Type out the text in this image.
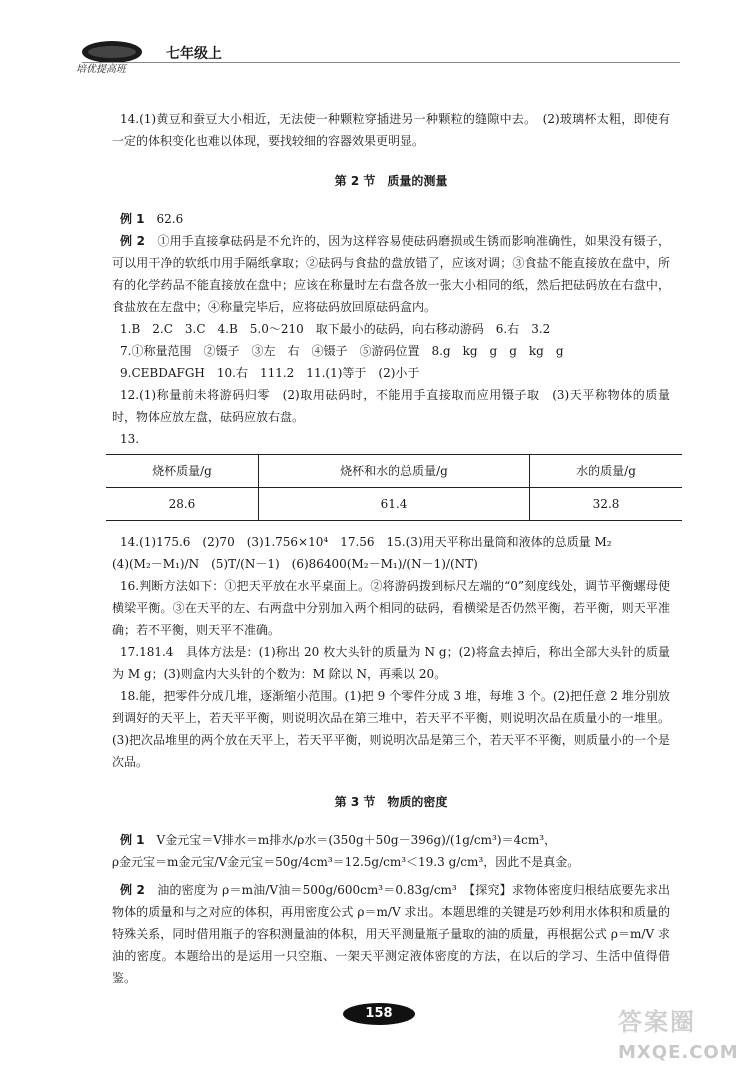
培优提高班
七年级上

14.(1)黄豆和蚕豆大小相近，无法使一种颗粒穿插进另一种颗粒的缝隙中去。　(2)玻璃杯太粗，即使有一定的体积变化也难以体现，要找较细的容器效果更明显。

第 2 节　质量的测量

例 1　 62.6

例 2　 ①用手直接拿砝码是不允许的，因为这样容易使砝码磨损或生锈而影响准确性，如果没有镊子，可以用干净的软纸巾用手隔纸拿取；②砝码与食盐的盘放错了，应该对调；③食盐不能直接放在盘中，所有的化学药品不能直接放在盘中；应该在称量时左右盘各放一张大小相同的纸，然后把砝码放在右盘中，食盐放在左盘中；④称量完毕后，应将砝码放回原砝码盒内。

1.B　2.C　3.C　4.B　5.0～210　取下最小的砝码，向右移动游码　6.右　3.2

7.①称量范围　②镊子　③左　右　④镊子　⑤游码位置　8.g　kg　g　g　kg　g

9.CEBDAFGH　10.右　111.2　11.(1)等于　(2)小于

12.(1)称量前未将游码归零　(2)取用砝码时，不能用手直接取而应用镊子取　(3)天平称物体的质量时，物体应放左盘，砝码应放右盘。

13.

烧杯质量/g	烧杯和水的总质量/g	水的质量/g
28.6	61.4	32.8

14.(1)175.6　(2)70　(3)1.756×10⁴　17.56　15.(3)用天平称出量筒和液体的总质量 M₂

(4)(M₂－M₁)/N　(5)T/(N－1)　(6)86400(M₂－M₁)/(N－1)/(NT)

16.判断方法如下：①把天平放在水平桌面上。②将游码拨到标尺左端的“0”刻度线处，调节平衡螺母使横梁平衡。③在天平的左、右两盘中分别加入两个相同的砝码，看横梁是否仍然平衡，若平衡，则天平准确；若不平衡，则天平不准确。

17.181.4　具体方法是：(1)称出 20 枚大头针的质量为 N g；(2)将盒去掉后，称出全部大头针的质量为 M g；(3)则盒内大头针的个数为：M 除以 N，再乘以 20。

18.能，把零件分成几堆，逐渐缩小范围。(1)把 9 个零件分成 3 堆，每堆 3 个。(2)把任意 2 堆分别放到调好的天平上，若天平平衡，则说明次品在第三堆中，若天平不平衡，则说明次品在质量小的一堆里。(3)把次品堆里的两个放在天平上，若天平平衡，则说明次品是第三个，若天平不平衡，则质量小的一个是次品。

第 3 节　物质的密度

例 1　 V金元宝＝V排水＝m排水/ρ水＝(350g＋50g－396g)/(1g/cm³)＝4cm³，

ρ金元宝＝m金元宝/V金元宝＝50g/4cm³＝12.5g/cm³＜19.3 g/cm³，因此不是真金。

例 2　 油的密度为 ρ＝m油/V油＝500g/600cm³＝0.83g/cm³　【探究】求物体密度归根结底要先求出物体的质量和与之对应的体积，再用密度公式 ρ＝m/V 求出。本题思维的关键是巧妙利用水体积和质量的特殊关系，同时借用瓶子的容积测量油的体积，用天平测量瓶子量取的油的质量，再根据公式 ρ＝m/V 求油的密度。本题给出的是运用一只空瓶、一架天平测定液体密度的方法，在以后的学习、生活中值得借鉴。

158	答案圈
MXQE.COM
